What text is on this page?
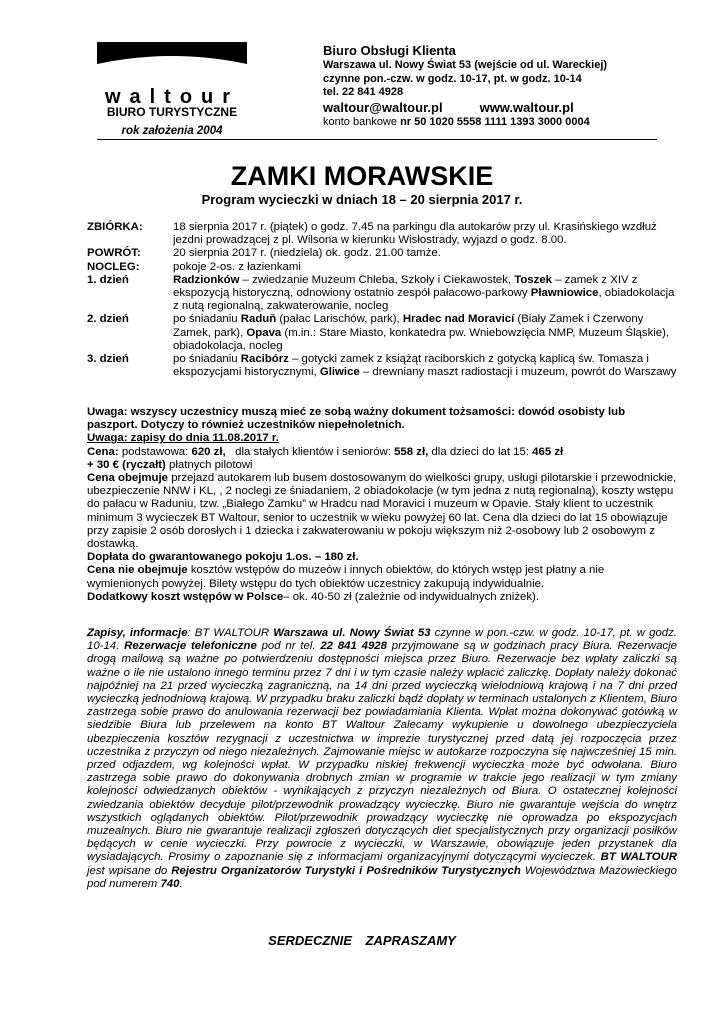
waltour
BIURO TURYSTYCZNE
rok założenia 2004
Biuro Obsługi Klienta
Warszawa ul. Nowy Świat 53 (wejście od ul. Wareckiej)
czynne pon.-czw. w godz. 10-17, pt. w godz. 10-14
tel. 22 841 4928
waltour@waltour.pl	www.waltour.pl
konto bankowe nr 50 1020 5558 1111 1393 3000 0004
ZAMKI MORAWSKIE
Program wycieczki w dniach 18 – 20 sierpnia 2017 r.
ZBIÓRKA:	18 sierpnia 2017 r. (piątek) o godz. 7.45 na parkingu dla autokarów przy ul. Krasińskiego wzdłuż jezdni prowadzącej z pl. Wilsona w kierunku Wisłostrady, wyjazd o godz. 8.00.
POWRÓT:	20 sierpnia 2017 r. (niedziela) ok. godz. 21.00 tamże.
NOCLEG:	pokoje 2-os. z łazienkami
1. dzień	Radzionków – zwiedzanie Muzeum Chleba, Szkoły i Ciekawostek, Toszek – zamek z XIV z ekspozycją historyczną, odnowiony ostatnio zespół pałacowo-parkowy Pławniowice, obiadokolacja z nutą regionalną, zakwaterowanie, nocleg
2. dzień	po śniadaniu Raduň (pałac Larischów, park), Hradec nad Moravicí (Biały Zamek i Czerwony Zamek, park), Opava (m.in.: Stare Miasto, konkatedra pw. Wniebowzięcia NMP, Muzeum Śląskie), obiadokolacja, nocleg
3. dzień	po śniadaniu Racibórz – gotycki zamek z książąt raciborskich z gotycką kaplicą św. Tomasza i ekspozycjami historycznymi, Gliwice – drewniany maszt radiostacji i muzeum, powrót do Warszawy
Uwaga: wszyscy uczestnicy muszą mieć ze sobą ważny dokument tożsamości: dowód osobisty lub paszport. Dotyczy to również uczestników niepełnoletnich.
Uwaga: zapisy do dnia 11.08.2017 r.
Cena: podstawowa: 620 zł,   dla stałych klientów i seniorów: 558 zł, dla dzieci do lat 15: 465 zł
+ 30 € (ryczałt) płatnych pilotowi
Cena obejmuje przejazd autokarem lub busem dostosowanym do wielkości grupy, usługi pilotarskie i przewodnickie, ubezpieczenie NNW i KL, , 2 noclegi ze śniadaniem, 2 obiadokolacje (w tym jedna z nutą regionalną), koszty wstępu do pałacu w Raduniu, tzw. „Białego Zamku” w Hradcu nad Moravici i muzeum w Opavie. Stały klient to uczestnik minimum 3 wycieczek BT Waltour, senior to uczestnik w wieku powyżej 60 lat. Cena dla dzieci do lat 15 obowiązuje przy zapisie 2 osób dorosłych i 1 dziecka i zakwaterowaniu w pokoju większym niż 2-osobowy lub 2 osobowym z dostawką.
Dopłata do gwarantowanego pokoju 1.os. – 180 zł.
Cena nie obejmuje kosztów wstępów do muzeów i innych obiektów, do których wstęp jest płatny a nie wymienionych powyżej. Bilety wstępu do tych obiektów uczestnicy zakupują indywidualnie.
Dodatkowy koszt wstępów w Polsce– ok. 40-50 zł (zależnie od indywidualnych zniżek).
Zapisy, informacje: BT WALTOUR Warszawa ul. Nowy Świat 53 czynne w pon.-czw. w godz. 10-17, pt. w godz. 10-14. Rezerwacje telefoniczne pod nr tel. 22 841 4928 przyjmowane są w godzinach pracy Biura. Rezerwacje drogą mailową są ważne po potwierdzeniu dostępności miejsca przez Biuro. Rezerwacje bez wpłaty zaliczki są ważne o ile nie ustalono innego terminu przez 7 dni i w tym czasie należy wpłacić zaliczkę. Dopłaty należy dokonać najpóźniej na 21 przed wycieczką zagraniczną, na 14 dni przed wycieczką wielodniową krajową i na 7 dni przed wycieczką jednodniową krajową. W przypadku braku zaliczki bądź dopłaty w terminach ustalonych z Klientem, Biuro zastrzega sobie prawo do anulowania rezerwacji bez powiadamiania Klienta. Wpłat można dokonywać gotówką w siedzibie Biura lub przelewem na konto BT Waltour Zalecamy wykupienie u dowolnego ubezpieczyciela ubezpieczenia kosztów rezygnacji z uczestnictwa w imprezie turystycznej przed datą jej rozpoczęcia przez uczestnika z przyczyn od niego niezależnych. Zajmowanie miejsc w autokarze rozpoczyna się najwcześniej 15 min. przed odjazdem, wg kolejności wpłat. W przypadku niskiej frekwencji wycieczka może być odwołana. Biuro zastrzega sobie prawo do dokonywania drobnych zmian w programie w trakcie jego realizacji w tym zmiany kolejności odwiedzanych obiektów - wynikających z przyczyn niezależnych od Biura. O ostatecznej kolejności zwiedzania obiektów decyduje pilot/przewodnik prowadzący wycieczkę. Biuro nie gwarantuje wejścia do wnętrz wszystkich oglądanych obiektów. Pilot/przewodnik prowadzący wycieczkę nie oprowadza po ekspozycjach muzealnych. Biuro nie gwarantuje realizacji zgłoszeń dotyczących diet specjalistycznych przy organizacji posiłków będących w cenie wycieczki. Przy powrocie z wycieczki, w Warszawie, obowiązuje jeden przystanek dla wysiadających. Prosimy o zapoznanie się z informacjami organizacyjnymi dotyczącymi wycieczek. BT WALTOUR jest wpisane do Rejestru Organizatorów Turystyki i Pośredników Turystycznych Województwa Mazowieckiego pod numerem 740.
SERDECZNIE ZAPRASZAMY
